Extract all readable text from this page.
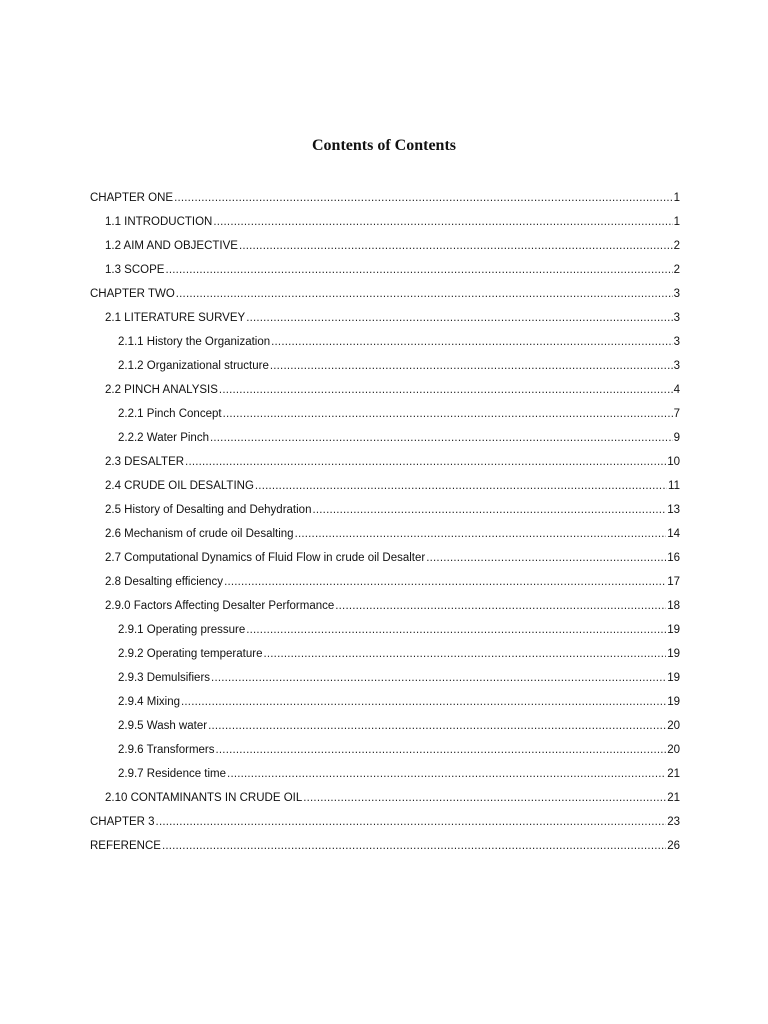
Contents of Contents
CHAPTER ONE .....	1
1.1 INTRODUCTION .....	1
1.2 AIM AND OBJECTIVE .....	2
1.3 SCOPE .....	2
CHAPTER TWO .....	3
2.1 LITERATURE SURVEY .....	3
2.1.1 History the Organization .....	3
2.1.2 Organizational structure .....	3
2.2 PINCH ANALYSIS .....	4
2.2.1 Pinch Concept .....	7
2.2.2 Water Pinch .....	9
2.3 DESALTER .....	10
2.4 CRUDE OIL DESALTING .....	11
2.5 History of Desalting and Dehydration .....	13
2.6 Mechanism of crude oil Desalting .....	14
2.7 Computational Dynamics of Fluid Flow in crude oil Desalter .....	16
2.8 Desalting efficiency .....	17
2.9.0 Factors Affecting Desalter Performance .....	18
2.9.1 Operating pressure .....	19
2.9.2 Operating temperature .....	19
2.9.3 Demulsifiers .....	19
2.9.4 Mixing .....	19
2.9.5 Wash water .....	20
2.9.6 Transformers .....	20
2.9.7 Residence time .....	21
2.10 CONTAMINANTS IN CRUDE OIL .....	21
CHAPTER 3 .....	23
REFERENCE .....	26
